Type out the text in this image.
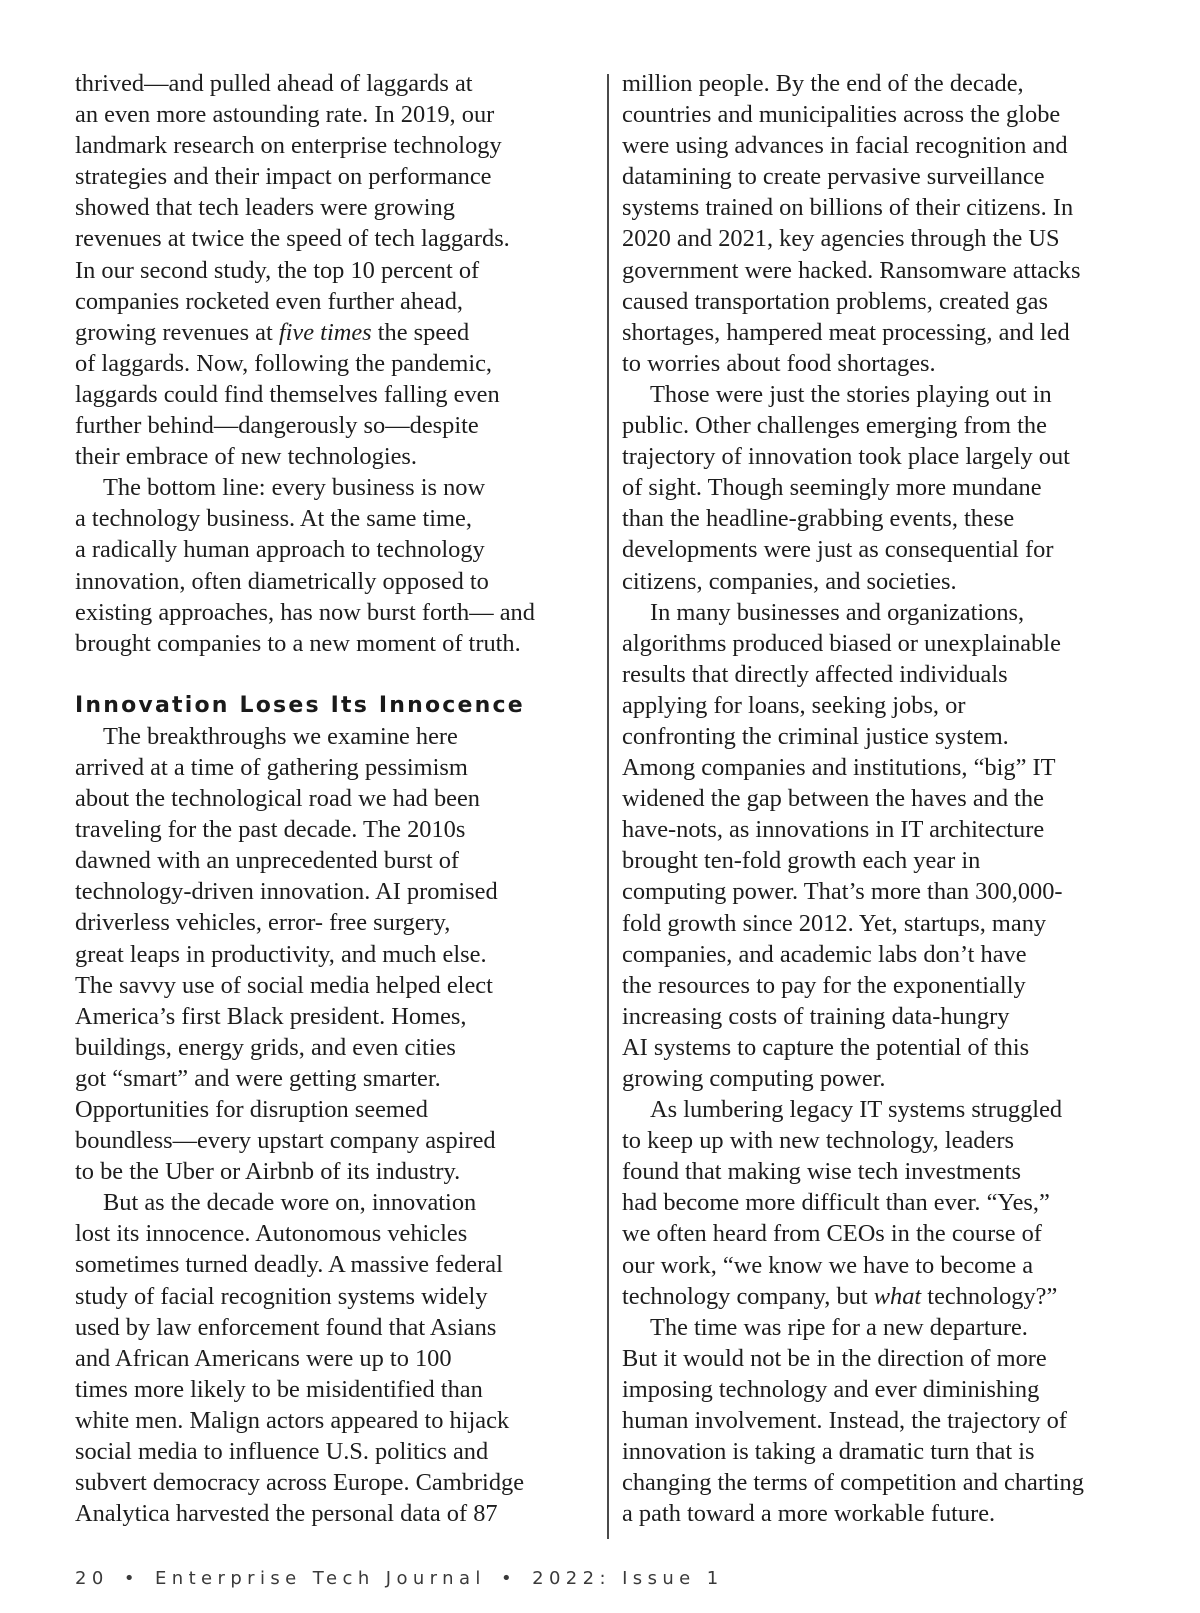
thrived—and pulled ahead of laggards at
an even more astounding rate. In 2019, our
landmark research on enterprise technology
strategies and their impact on performance
showed that tech leaders were growing
revenues at twice the speed of tech laggards.
In our second study, the top 10 percent of
companies rocketed even further ahead,
growing revenues at five times the speed
of laggards. Now, following the pandemic,
laggards could find themselves falling even
further behind—dangerously so—despite
their embrace of new technologies.
The bottom line: every business is now
a technology business. At the same time,
a radically human approach to technology
innovation, often diametrically opposed to
existing approaches, has now burst forth— and
brought companies to a new moment of truth.
Innovation Loses Its Innocence
The breakthroughs we examine here
arrived at a time of gathering pessimism
about the technological road we had been
traveling for the past decade. The 2010s
dawned with an unprecedented burst of
technology-driven innovation. AI promised
driverless vehicles, error- free surgery,
great leaps in productivity, and much else.
The savvy use of social media helped elect
America’s first Black president. Homes,
buildings, energy grids, and even cities
got “smart” and were getting smarter.
Opportunities for disruption seemed
boundless—every upstart company aspired
to be the Uber or Airbnb of its industry.
But as the decade wore on, innovation
lost its innocence. Autonomous vehicles
sometimes turned deadly. A massive federal
study of facial recognition systems widely
used by law enforcement found that Asians
and African Americans were up to 100
times more likely to be misidentified than
white men. Malign actors appeared to hijack
social media to influence U.S. politics and
subvert democracy across Europe. Cambridge
Analytica harvested the personal data of 87
million people. By the end of the decade,
countries and municipalities across the globe
were using advances in facial recognition and
datamining to create pervasive surveillance
systems trained on billions of their citizens. In
2020 and 2021, key agencies through the US
government were hacked. Ransomware attacks
caused transportation problems, created gas
shortages, hampered meat processing, and led
to worries about food shortages.
Those were just the stories playing out in
public. Other challenges emerging from the
trajectory of innovation took place largely out
of sight. Though seemingly more mundane
than the headline-grabbing events, these
developments were just as consequential for
citizens, companies, and societies.
In many businesses and organizations,
algorithms produced biased or unexplainable
results that directly affected individuals
applying for loans, seeking jobs, or
confronting the criminal justice system.
Among companies and institutions, “big” IT
widened the gap between the haves and the
have-nots, as innovations in IT architecture
brought ten-fold growth each year in
computing power. That’s more than 300,000-
fold growth since 2012. Yet, startups, many
companies, and academic labs don’t have
the resources to pay for the exponentially
increasing costs of training data-hungry
AI systems to capture the potential of this
growing computing power.
As lumbering legacy IT systems struggled
to keep up with new technology, leaders
found that making wise tech investments
had become more difficult than ever. “Yes,”
we often heard from CEOs in the course of
our work, “we know we have to become a
technology company, but what technology?”
The time was ripe for a new departure.
But it would not be in the direction of more
imposing technology and ever diminishing
human involvement. Instead, the trajectory of
innovation is taking a dramatic turn that is
changing the terms of competition and charting
a path toward a more workable future.
20 • Enterprise Tech Journal • 2022: Issue 1
